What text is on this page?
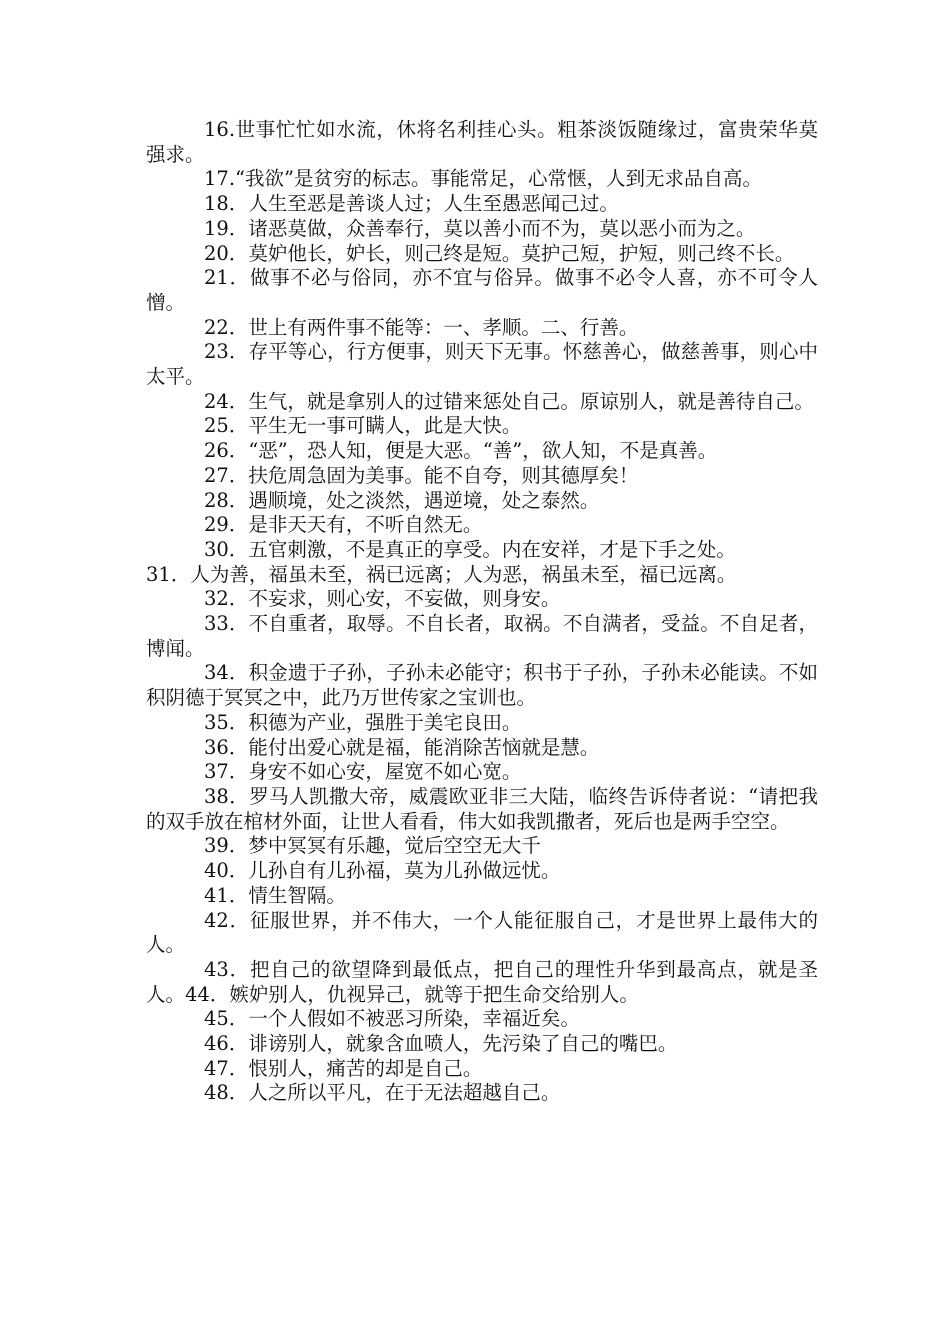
16.世事忙忙如水流，休将名利挂心头。粗茶淡饭随缘过，富贵荣华莫强求。

17.“我欲”是贫穷的标志。事能常足，心常惬，人到无求品自高。

18．人生至恶是善谈人过；人生至愚恶闻己过。

19．诸恶莫做，众善奉行，莫以善小而不为，莫以恶小而为之。

20．莫妒他长，妒长，则己终是短。莫护己短，护短，则己终不长。

21．做事不必与俗同，亦不宜与俗异。做事不必令人喜，亦不可令人憎。

22．世上有两件事不能等：一、孝顺。二、行善。

23．存平等心，行方便事，则天下无事。怀慈善心，做慈善事，则心中太平。

24．生气，就是拿别人的过错来惩处自己。原谅别人，就是善待自己。

25．平生无一事可瞒人，此是大快。

26．“恶”，恐人知，便是大恶。“善”，欲人知，不是真善。

27．扶危周急固为美事。能不自夸，则其德厚矣！

28．遇顺境，处之淡然，遇逆境，处之泰然。

29．是非天天有，不听自然无。

30．五官刺激，不是真正的享受。内在安祥，才是下手之处。

31．人为善，福虽未至，祸已远离；人为恶，祸虽未至，福已远离。

32．不妄求，则心安，不妄做，则身安。

33．不自重者，取辱。不自长者，取祸。不自满者，受益。不自足者，博闻。

34．积金遗于子孙，子孙未必能守；积书于子孙，子孙未必能读。不如积阴德于冥冥之中，此乃万世传家之宝训也。

35．积德为产业，强胜于美宅良田。

36．能付出爱心就是福，能消除苦恼就是慧。

37．身安不如心安，屋宽不如心宽。

38．罗马人凯撒大帝，威震欧亚非三大陆，临终告诉侍者说：“请把我的双手放在棺材外面，让世人看看，伟大如我凯撒者，死后也是两手空空。

39．梦中冥冥有乐趣，觉后空空无大千

40．儿孙自有儿孙福，莫为儿孙做远忧。

41．情生智隔。

42．征服世界，并不伟大，一个人能征服自己，才是世界上最伟大的人。

43．把自己的欲望降到最低点，把自己的理性升华到最高点，就是圣人。44．嫉妒别人，仇视异己，就等于把生命交给别人。

45．一个人假如不被恶习所染，幸福近矣。

46．诽谤别人，就象含血喷人，先污染了自己的嘴巴。

47．恨别人，痛苦的却是自己。

48．人之所以平凡，在于无法超越自己。
